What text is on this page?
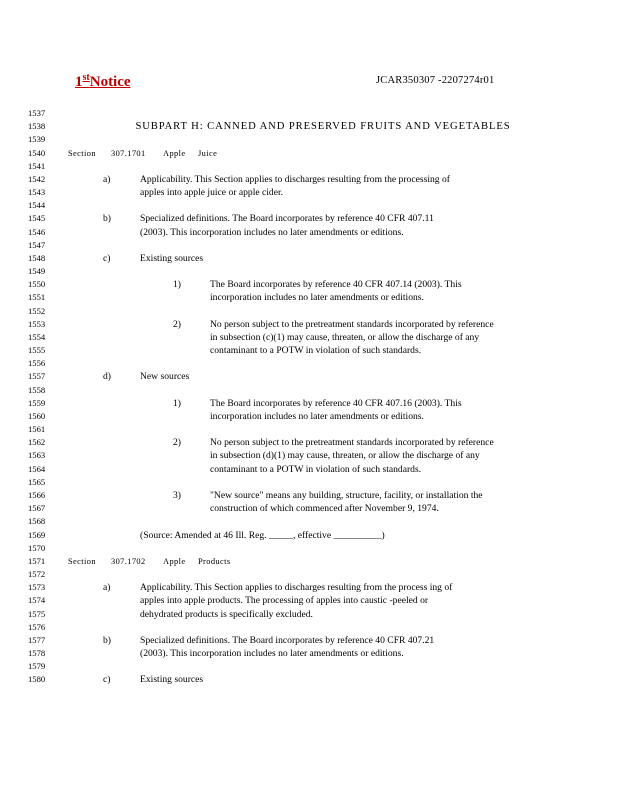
1stNotice	JCAR350307 -2207274r01
1537
1538
1539
1540
1541
1542
1543
1544
1545
1546
1547
1548
1549
1550
1551
1552
1553
1554
1555
1556
1557
1558
1559
1560
1561
1562
1563
1564
1565
1566
1567
1568
1569
1570
1571
1572
1573
1574
1575
1576
1577
1578
1579
1580
SUBPART H: CANNED AND PRESERVED FRUITS AND VEGETABLES
Section 307.1701 Apple Juice
a)	Applicability. This Section applies to discharges resulting from the processing of
apples into apple juice or apple cider.
b)	Specialized definitions. The Board incorporates by reference 40 CFR 407.11
(2003). This incorporation includes no later amendments or editions.
c)	Existing sources
1)	The Board incorporates by reference 40 CFR 407.14 (2003). This
incorporation includes no later amendments or editions.
2)	No person subject to the pretreatment standards incorporated by reference
in subsection (c)(1) may cause, threaten, or allow the discharge of any
contaminant to a POTW in violation of such standards.
d)	New sources
1)	The Board incorporates by reference 40 CFR 407.16 (2003). This
incorporation includes no later amendments or editions.
2)	No person subject to the pretreatment standards incorporated by reference
in subsection (d)(1) may cause, threaten, or allow the discharge of any
contaminant to a POTW in violation of such standards.
3)	"New source" means any building, structure, facility, or installation the
construction of which commenced after November 9, 1974.
(Source: Amended at 46 Ill. Reg. _____, effective __________)
Section 307.1702 Apple Products
a)	Applicability. This Section applies to discharges resulting from the process ing of
apples into apple products. The processing of apples into caustic -peeled or
dehydrated products is specifically excluded.
b)	Specialized definitions. The Board incorporates by reference 40 CFR 407.21
(2003). This incorporation includes no later amendments or editions.
c)	Existing sources
